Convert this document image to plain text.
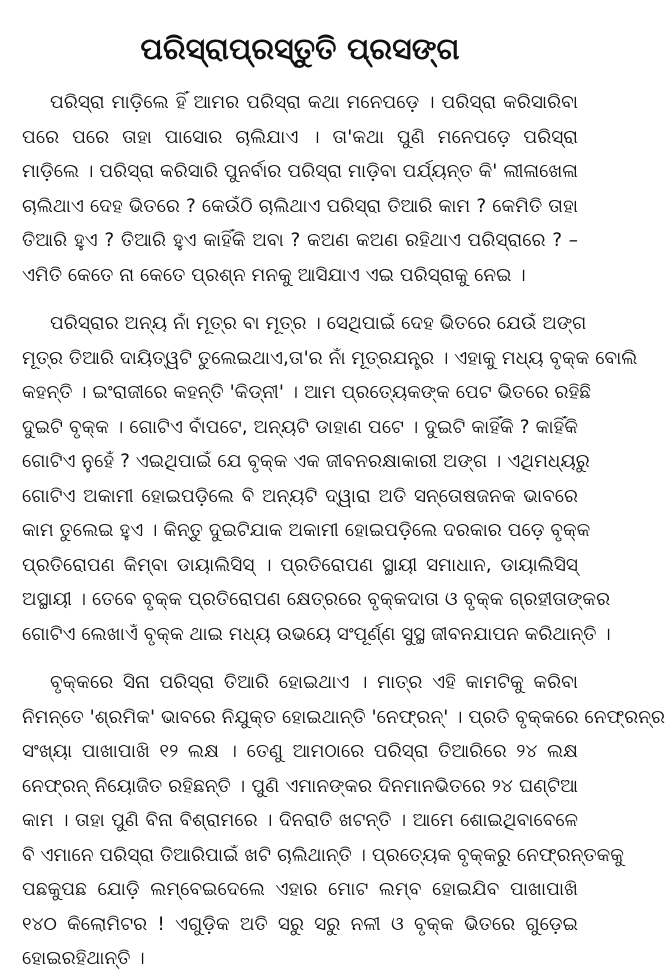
ପରିସ୍ରାପ୍ରସ୍ତୁତି ପ୍ରସଙ୍ଗ
ପରିସ୍ରା ମାଡ଼ିଲେ ହିଁ ଆମର ପରିସ୍ରା କଥା ମନେପଡ଼େ । ପରିସ୍ରା କରିସାରିବା
ପରେ ପରେ ତାହା ପାସୋର ଚାଲିଯାଏ । ତା'କଥା ପୁଣି ମନେପଡ଼େ ପରିସ୍ରା
ମାଡ଼ିଲେ । ପରିସ୍ରା କରିସାରି ପୁନର୍ବାର ପରିସ୍ରା ମାଡ଼ିବା ପର୍ଯ୍ୟନ୍ତ କି' ଲୀଳାଖେଳା
ଚାଲିଥାଏ ଦେହ ଭିତରେ ? କେଉଁଠି ଚାଲିଥାଏ ପରିସ୍ରା ତିଆରି କାମ ? କେମିତି ତାହା
ତିଆରି ହୁଏ ? ତିଆରି ହୁଏ କାହିଁକି ଅବା ? କଅଣ କଅଣ ରହିଥାଏ ପରିସ୍ରାରେ ? –
ଏମିତି କେତେ ନା କେତେ ପ୍ରଶ୍ନ ମନକୁ ଆସିଯାଏ ଏଇ ପରିସ୍ରାକୁ ନେଇ ।
ପରିସ୍ରାର ଅନ୍ୟ ନାଁ ମୂତ୍ର ବା ମୂତ୍ର । ସେଥିପାଇଁ ଦେହ ଭିତରେ ଯେଉଁ ଅଙ୍ଗ
ମୂତ୍ର ତିଆରି ଦାୟିତ୍ୱଟି ତୁଲେଇଥାଏ,ତା'ର ନାଁ ମୂତ୍ରଯନ୍ତ୍ର । ଏହାକୁ ମଧ୍ୟ ବୃକ୍କ ବୋଲି
କହନ୍ତି । ଇଂରାଜୀରେ କହନ୍ତି 'କିଡ୍‌ନୀ' । ଆମ ପ୍ରତ୍ୟେକଙ୍କ ପେଟ ଭିତରେ ରହିଛି
ଦୁଇଟି ବୃକ୍କ । ଗୋଟିଏ ବାଁପଟେ, ଅନ୍ୟଟି ଡାହାଣ ପଟେ । ଦୁଇଟି କାହିଁକି ? କାହିଁକି
ଗୋଟିଏ ନୁହେଁ ? ଏଇଥିପାଇଁ ଯେ ବୃକ୍କ ଏକ ଜୀବନରକ୍ଷାକାରୀ ଅଙ୍ଗ । ଏଥିମଧ୍ୟରୁ
ଗୋଟିଏ ଅକାମୀ ହୋଇପଡ଼ିଲେ ବି ଅନ୍ୟଟି ଦ୍ୱାରା ଅତି ସନ୍ତୋଷଜନକ ଭାବରେ
କାମ ତୁଲେଇ ହୁଏ । କିନ୍ତୁ ଦୁଇଟିଯାକ ଅକାମୀ ହୋଇପଡ଼ିଲେ ଦରକାର ପଡ଼େ ବୃକ୍କ
ପ୍ରତିରୋପଣ କିମ୍ବା ଡାୟାଲିସିସ୍ । ପ୍ରତିରୋପଣ ସ୍ଥାୟୀ ସମାଧାନ, ଡାୟାଲିସିସ୍
ଅସ୍ଥାୟୀ । ତେବେ ବୃକ୍କ ପ୍ରତିରୋପଣ କ୍ଷେତ୍ରରେ ବୃକ୍କଦାତା ଓ ବୃକ୍କ ଗ୍ରହୀତାଙ୍କର
ଗୋଟିଏ ଲେଖାଏଁ ବୃକ୍କ ଥାଇ ମଧ୍ୟ ଉଭୟେ ସଂପୂର୍ଣ୍ଣ ସୁସ୍ଥ ଜୀବନଯାପନ କରିଥାନ୍ତି ।
ବୃକ୍କରେ ସିନା ପରିସ୍ରା ତିଆରି ହୋଇଥାଏ । ମାତ୍ର ଏହି କାମଟିକୁ କରିବା
ନିମନ୍ତେ 'ଶ୍ରମିକ' ଭାବରେ ନିଯୁକ୍ତ ହୋଇଥାନ୍ତି 'ନେଫ୍ରନ୍' । ପ୍ରତି ବୃକ୍କରେ ନେଫ୍ରନ୍‌ର
ସଂଖ୍ୟା ପାଖାପାଖି ୧୨ ଲକ୍ଷ । ତେଣୁ ଆମଠାରେ ପରିସ୍ରା ତିଆରିରେ ୨୪ ଲକ୍ଷ
ନେଫ୍ରନ୍ ନିୟୋଜିତ ରହିଛନ୍ତି । ପୁଣି ଏମାନଙ୍କର ଦିନମାନଭିତରେ ୨୪ ଘଣ୍ଟିଆ
କାମ । ତାହା ପୁଣି ବିନା ବିଶ୍ରାମରେ । ଦିନରାତି ଖଟନ୍ତି । ଆମେ ଶୋଇଥିବାବେଳେ
ବି ଏମାନେ ପରିସ୍ରା ତିଆରିପାଇଁ ଖଟି ଚାଲିଥାନ୍ତି । ପ୍ରତ୍ୟେକ ବୃକ୍କରୁ ନେଫ୍ରନ୍‌ତକକୁ
ପଛକୁପଛ ଯୋଡ଼ି ଲମ୍ବେଇଦେଲେ ଏହାର ମୋଟ ଲମ୍ବ ହୋଇଯିବ ପାଖାପାଖି
୧୪୦ କିଲୋମିଟର ! ଏଗୁଡ଼ିକ ଅତି ସରୁ ସରୁ ନଳୀ ଓ ବୃକ୍କ ଭିତରେ ଗୁଡ଼େଇ
ହୋଇରହିଥାନ୍ତି ।
